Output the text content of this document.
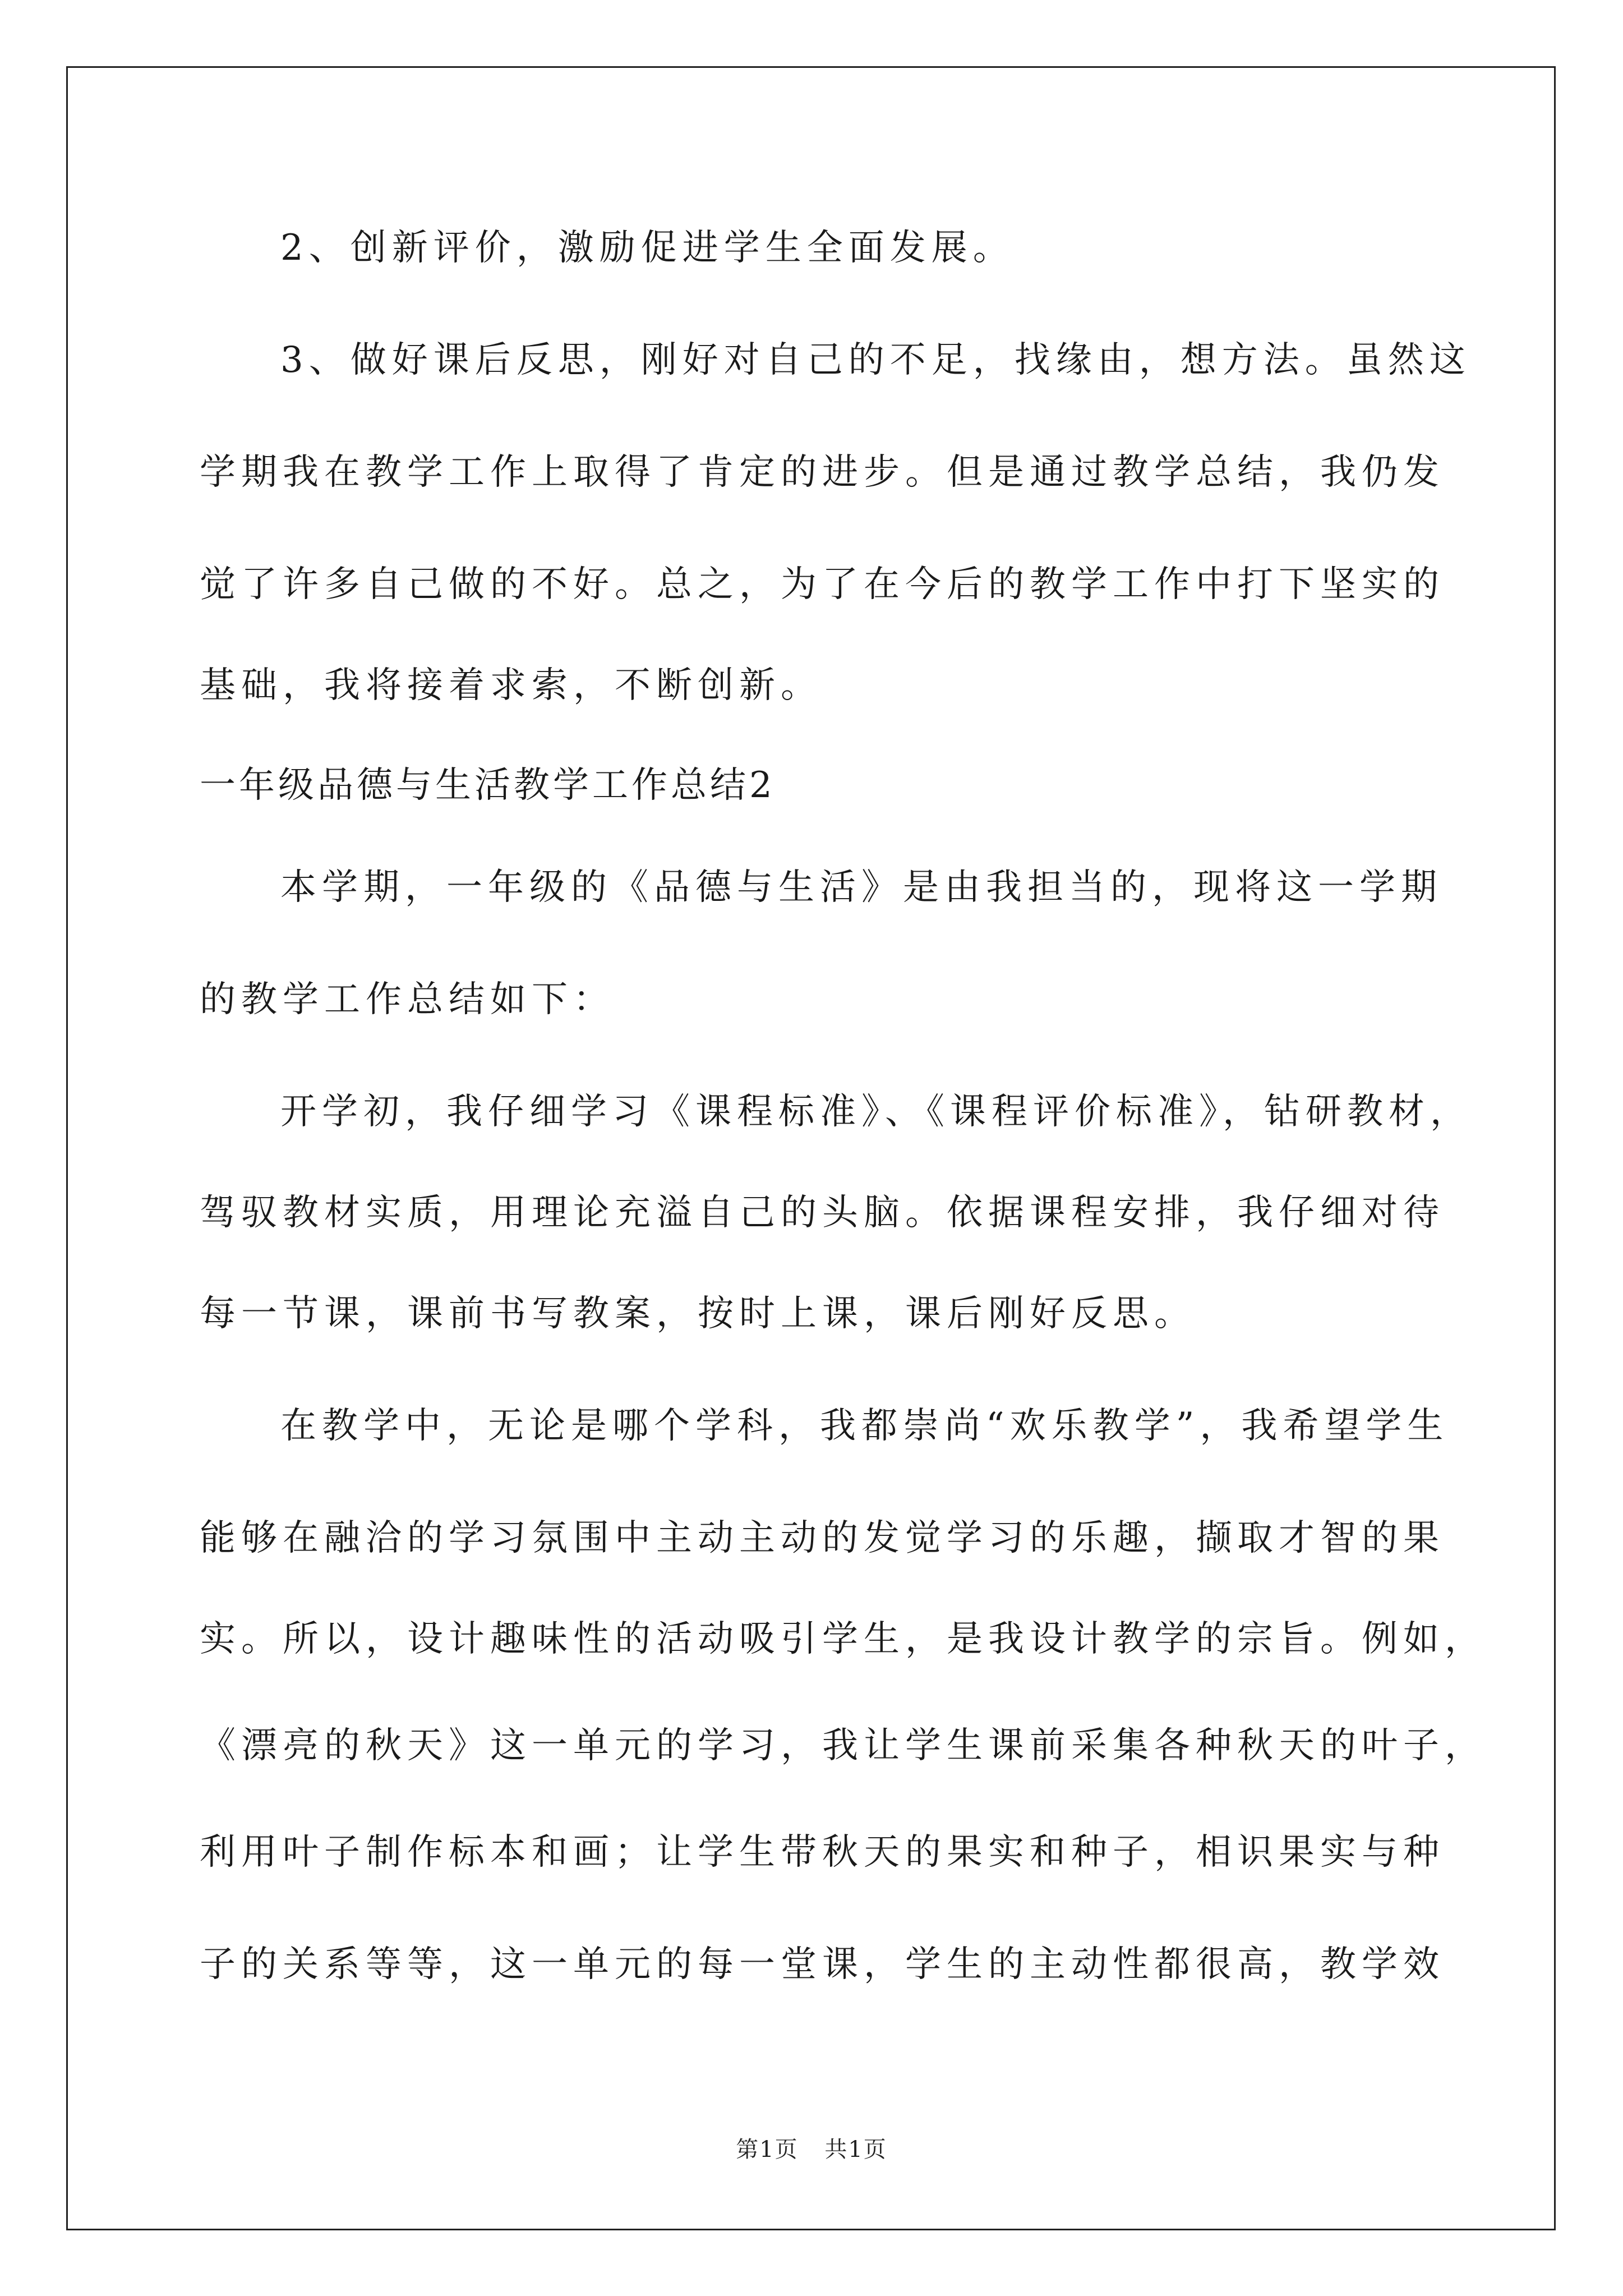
2、创新评价，激励促进学生全面发展。
3、做好课后反思，刚好对自己的不足，找缘由，想方法。虽然这
学期我在教学工作上取得了肯定的进步。但是通过教学总结，我仍发
觉了许多自己做的不好。总之，为了在今后的教学工作中打下坚实的
基础，我将接着求索，不断创新。
一年级品德与生活教学工作总结2
本学期，一年级的《品德与生活》是由我担当的，现将这一学期
的教学工作总结如下：
开学初，我仔细学习《课程标准》、《课程评价标准》，钻研教材，
驾驭教材实质，用理论充溢自己的头脑。依据课程安排，我仔细对待
每一节课，课前书写教案，按时上课，课后刚好反思。
在教学中，无论是哪个学科，我都崇尚“欢乐教学”，我希望学生
能够在融洽的学习氛围中主动主动的发觉学习的乐趣，撷取才智的果
实。所以，设计趣味性的活动吸引学生，是我设计教学的宗旨。例如，
《漂亮的秋天》这一单元的学习，我让学生课前采集各种秋天的叶子，
利用叶子制作标本和画；让学生带秋天的果实和种子，相识果实与种
子的关系等等，这一单元的每一堂课，学生的主动性都很高，教学效
第1页 共1页
